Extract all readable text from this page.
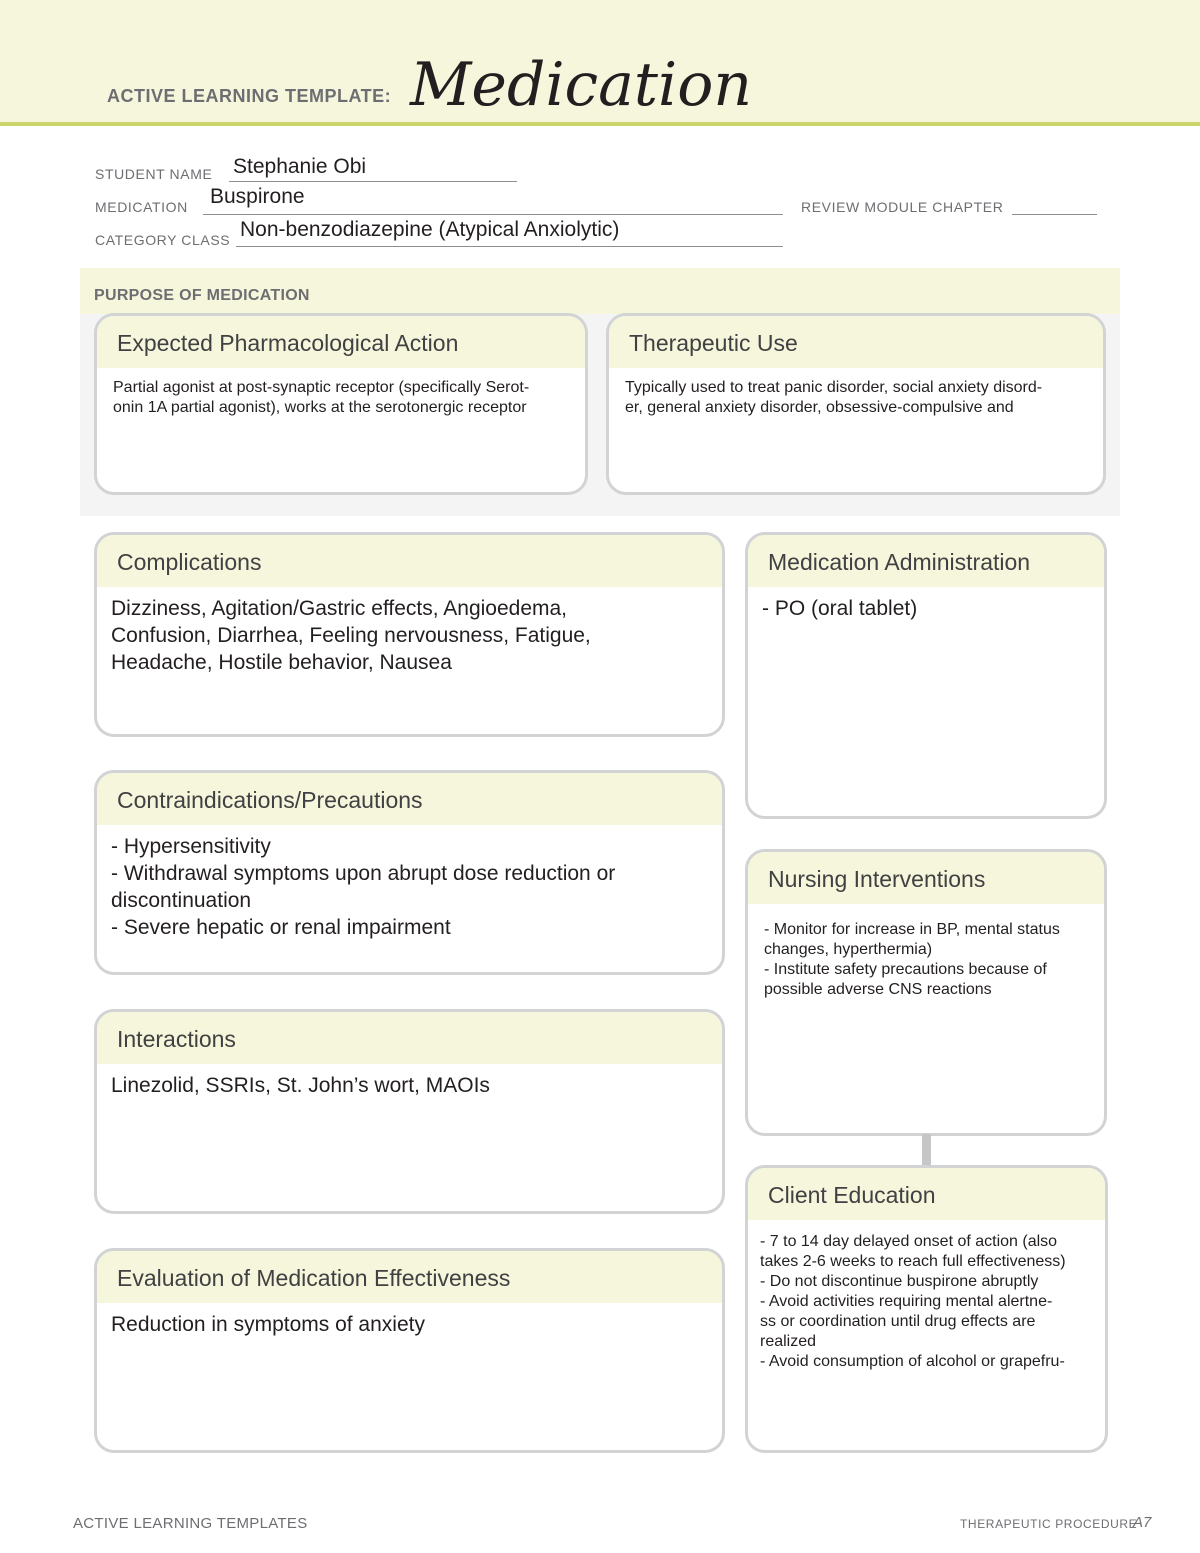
ACTIVE LEARNING TEMPLATE: Medication
STUDENT NAME Stephanie Obi
MEDICATION Buspirone	REVIEW MODULE CHAPTER
CATEGORY CLASS Non-benzodiazepine (Atypical Anxiolytic)
PURPOSE OF MEDICATION
Expected Pharmacological Action
Partial agonist at post-synaptic receptor (specifically Serot-
onin 1A partial agonist), works at the serotonergic receptor
Therapeutic Use
Typically used to treat panic disorder, social anxiety disord-
er, general anxiety disorder, obsessive-compulsive and
Complications
Dizziness, Agitation/Gastric effects, Angioedema,
Confusion, Diarrhea, Feeling nervousness, Fatigue,
Headache, Hostile behavior, Nausea
Medication Administration
- PO (oral tablet)
Contraindications/Precautions
- Hypersensitivity
- Withdrawal symptoms upon abrupt dose reduction or
discontinuation
- Severe hepatic or renal impairment
Nursing Interventions
- Monitor for increase in BP, mental status
changes, hyperthermia)
- Institute safety precautions because of
possible adverse CNS reactions
Interactions
Linezolid, SSRIs, St. John’s wort, MAOIs
Client Education
- 7 to 14 day delayed onset of action (also
takes 2-6 weeks to reach full effectiveness)
- Do not discontinue buspirone abruptly
- Avoid activities requiring mental alertne-
ss or coordination until drug effects are
realized
- Avoid consumption of alcohol or grapefru-
Evaluation of Medication Effectiveness
Reduction in symptoms of anxiety
ACTIVE LEARNING TEMPLATES	THERAPEUTIC PROCEDURE
A7
